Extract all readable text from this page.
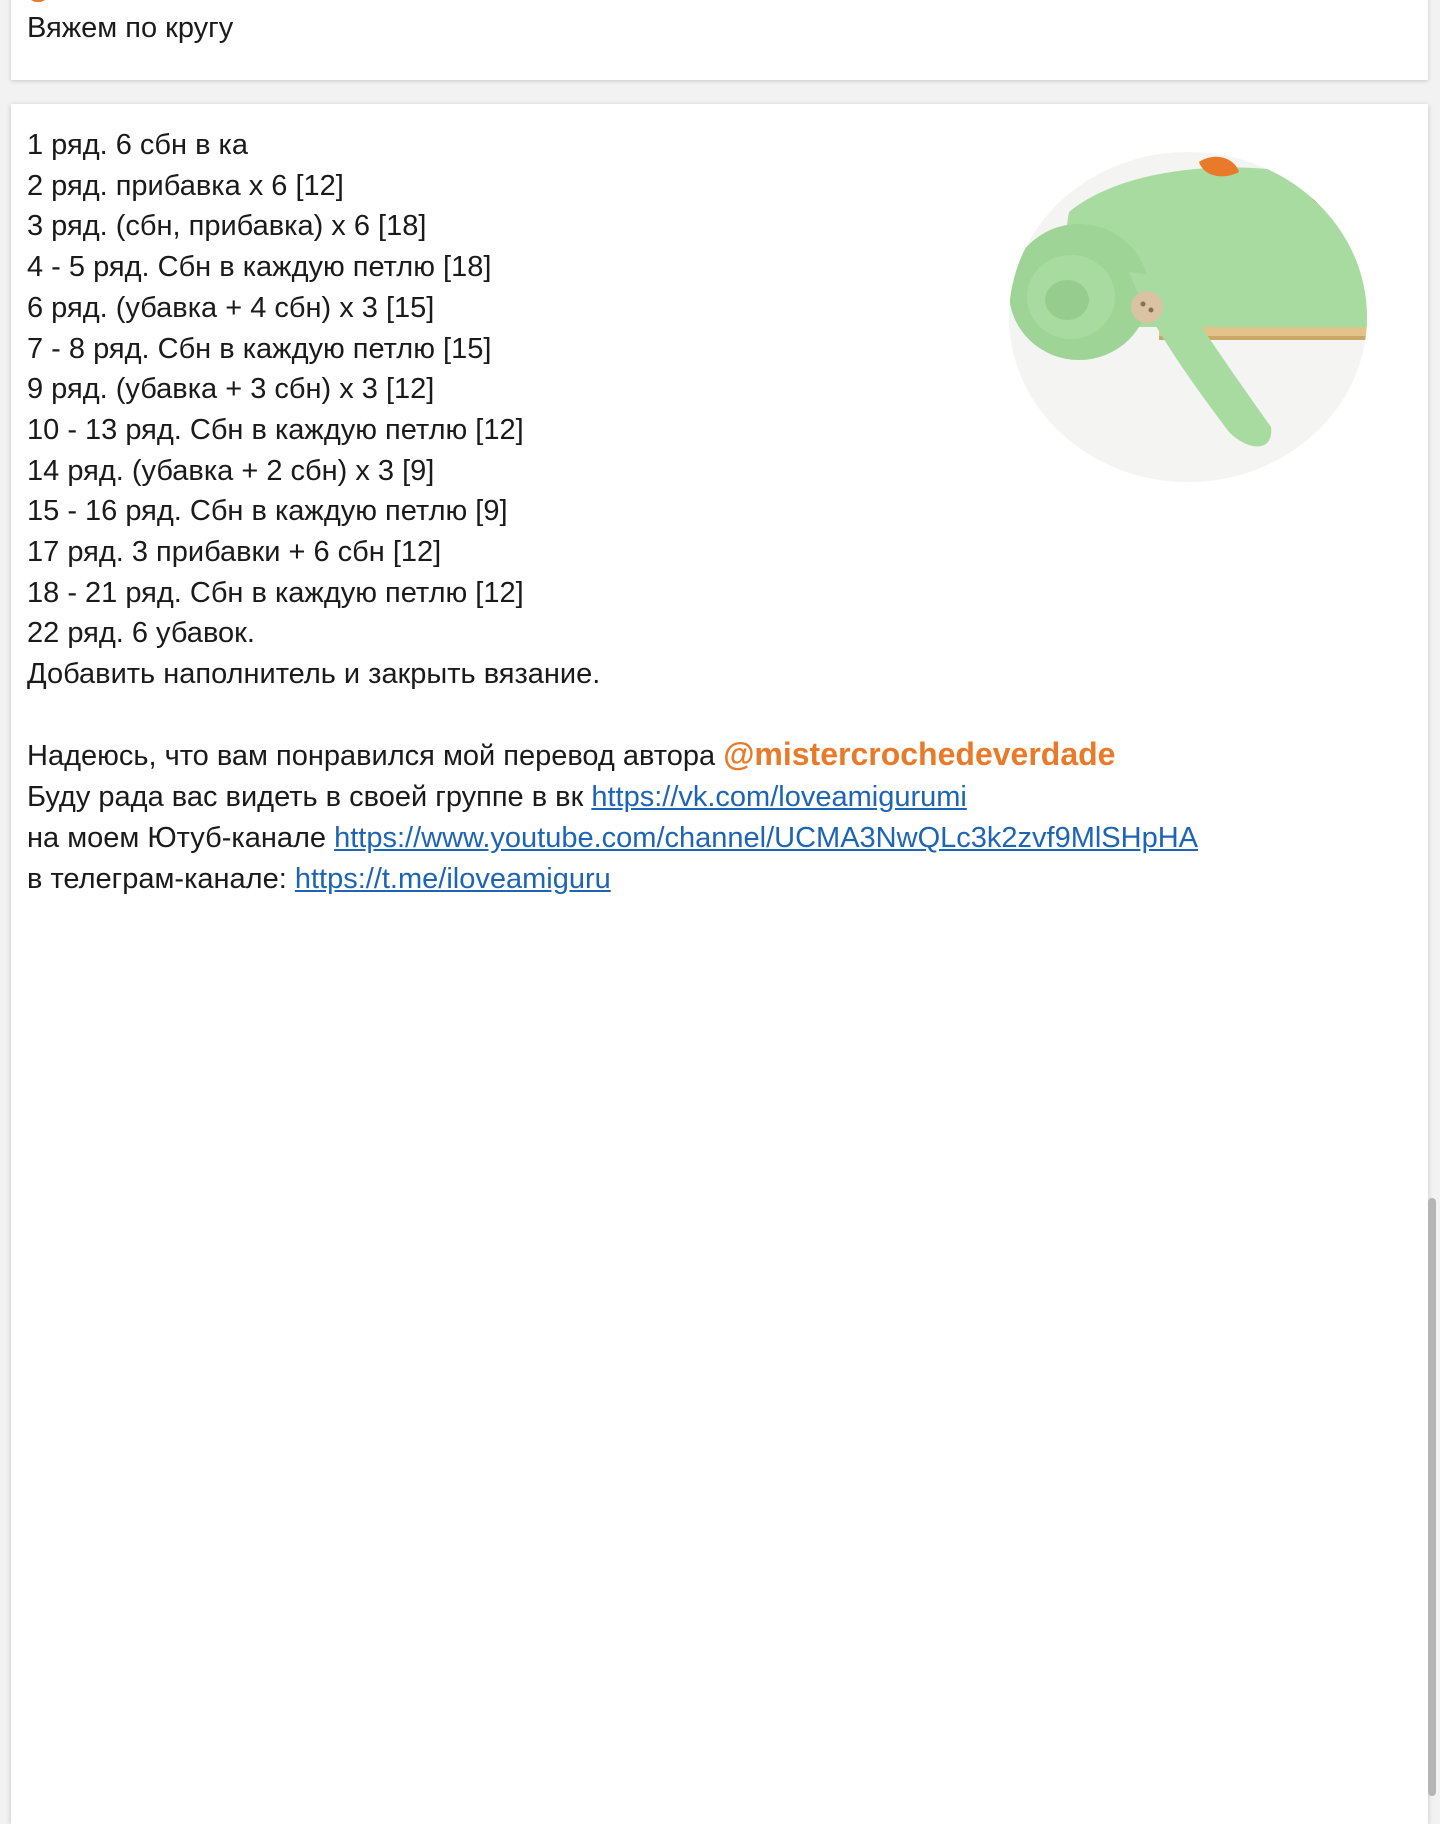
Вяжем по кругу
1 ряд. 6 сбн в ка
2 ряд. прибавка х 6 [12]
3 ряд. (сбн, прибавка) х 6 [18]
4 - 5 ряд. Сбн в каждую петлю [18]
6 ряд. (убавка + 4 сбн) х 3 [15]
7 - 8 ряд. Сбн в каждую петлю [15]
9 ряд. (убавка + 3 сбн) х 3 [12]
10 - 13 ряд. Сбн в каждую петлю [12]
14 ряд. (убавка + 2 сбн) х 3 [9]
15 - 16 ряд. Сбн в каждую петлю [9]
17 ряд. 3 прибавки + 6 сбн [12]
18 - 21 ряд. Сбн в каждую петлю [12]
22 ряд. 6 убавок.
Добавить наполнитель и закрыть вязание.

Надеюсь, что вам понравился мой перевод автора @mistercrochedeverdade

Буду рада вас видеть в своей группе в вк https://vk.com/loveamigurumi

на моем Ютуб-канале https://www.youtube.com/channel/UCMA3NwQLc3k2zvf9MlSHpHA

в телеграм-канале: https://t.me/iloveamiguru
